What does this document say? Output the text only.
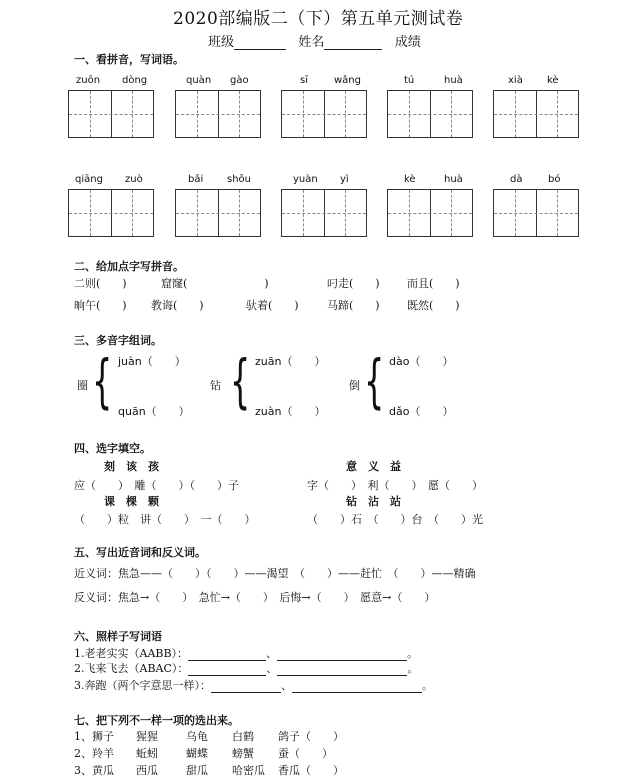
2020部编版二（下）第五单元测试卷
班级	姓名	成绩
一、看拼音，写词语。
zuōn dòng	quàn gào	sī	wǎng	tú	huà	xià kè
qiāng zuò	bǎi shǒu	yuàn yì	kè	huà	dà	bó
二、给加点字写拼音。
二则(　　)	窟窿(　　　　　　　)	叼走(　　) 而且(　　)
晌午(　　) 教诲(　　)	驮着(　　)	马蹄(　　) 既然(　　)
三、多音字组词。
圈 { juàn（　　）
quān（　　）
钻 { zuān（　　）
zuàn（　　）
倒 { dào（　　）
dǎo（　　）
四、选字填空。
刻　该　孩	意　义　益
应（　　）　雕（　　）（　　）子	字（　　）　利（　　）　愿（　　）
课　棵　颗	钻　沾　站
（　　）粒　讲（　　）　一（　　）	（　　）石　（　　）台　（　　）光
五、写出近音词和反义词。
近义词：焦急——（　　）（　　）——渴望　（　　）——赶忙　（　　）——精确
反义词：焦急→（　　）　急忙→（　　）　后悔→（　　）　愿意→（　　）
六、照样子写词语
1.老老实实（AABB）：	、	。
2.飞来飞去（ABAC）：	、	。
3.奔跑（两个字意思一样）：	、	。
七、把下列不一样一项的选出来。
1、狮子 猩猩	乌龟 白鹤 鸽子（　　）
2、羚羊 蚯蚓	蝴蝶 螃蟹 蚕（　　）
3、黄瓜 西瓜	甜瓜 哈密瓜 香瓜（　　）
